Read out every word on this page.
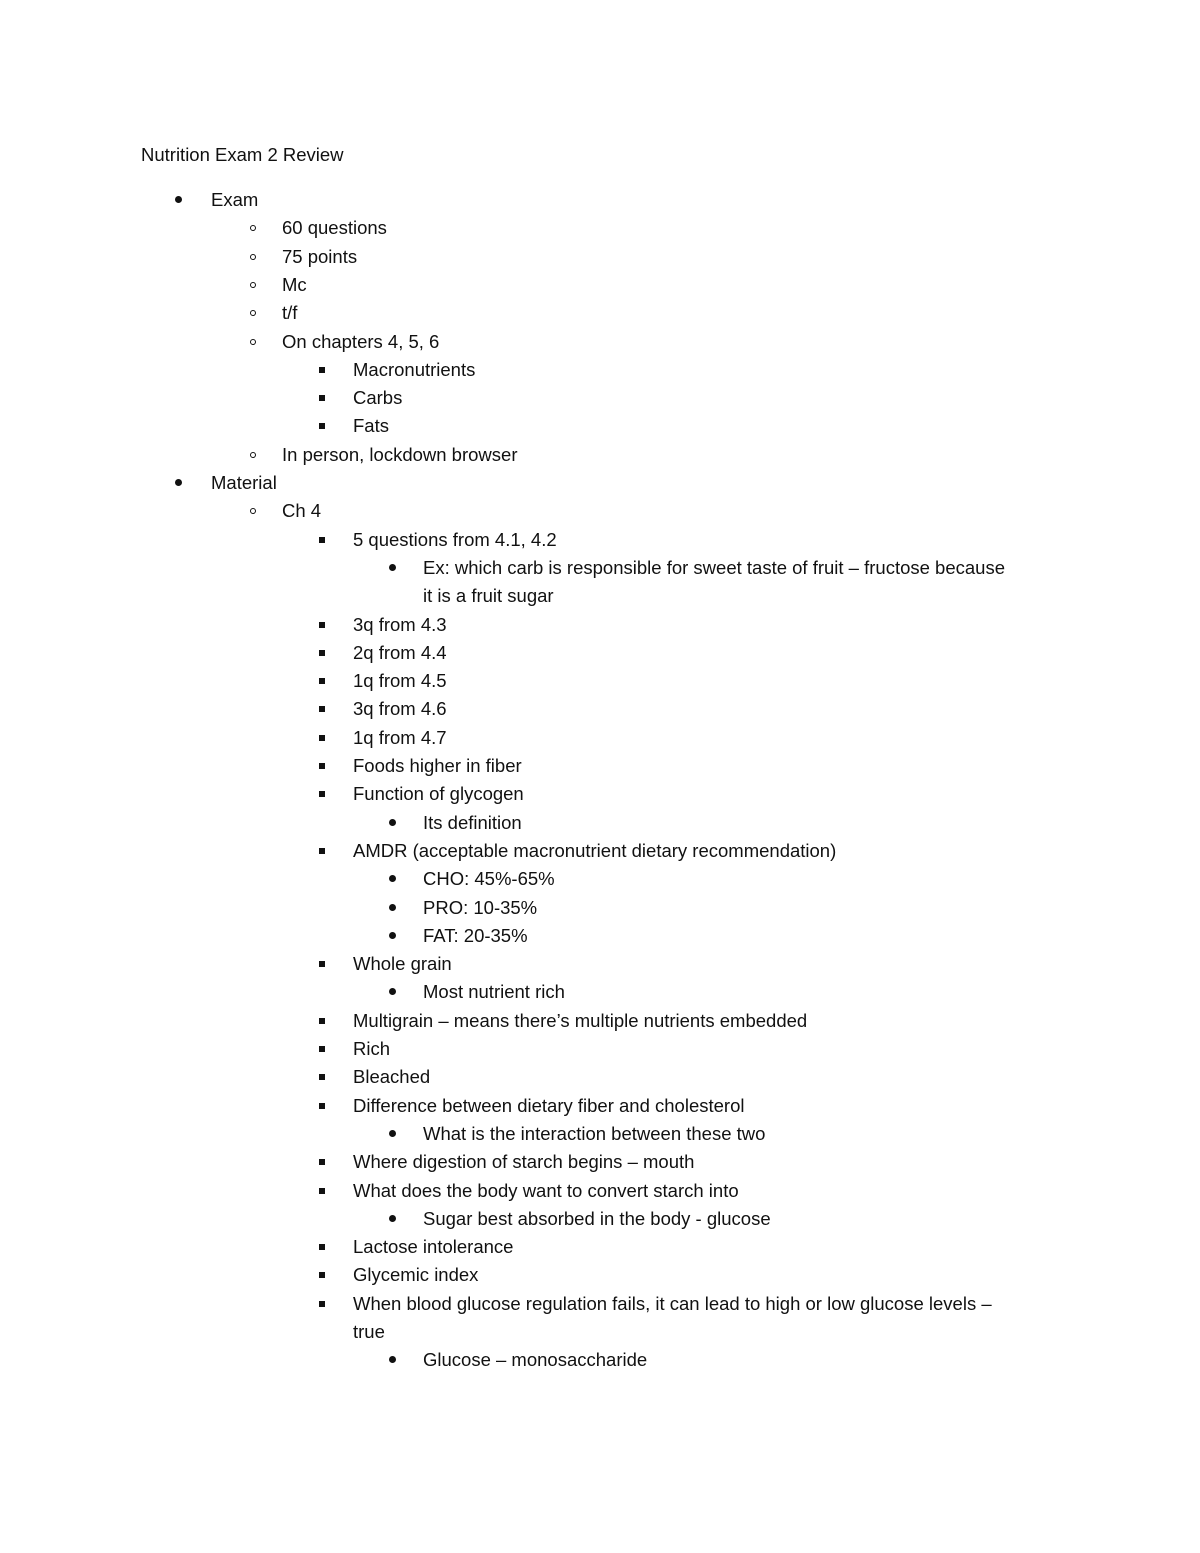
Nutrition Exam 2 Review
Exam
60 questions
75 points
Mc
t/f
On chapters 4, 5, 6
Macronutrients
Carbs
Fats
In person, lockdown browser
Material
Ch 4
5 questions from 4.1, 4.2
Ex: which carb is responsible for sweet taste of fruit – fructose because
it is a fruit sugar
3q from 4.3
2q from 4.4
1q from 4.5
3q from 4.6
1q from 4.7
Foods higher in fiber
Function of glycogen
Its definition
AMDR (acceptable macronutrient dietary recommendation)
CHO: 45%-65%
PRO: 10-35%
FAT: 20-35%
Whole grain
Most nutrient rich
Multigrain – means there’s multiple nutrients embedded
Rich
Bleached
Difference between dietary fiber and cholesterol
What is the interaction between these two
Where digestion of starch begins – mouth
What does the body want to convert starch into
Sugar best absorbed in the body - glucose
Lactose intolerance
Glycemic index
When blood glucose regulation fails, it can lead to high or low glucose levels –
true
Glucose – monosaccharide
